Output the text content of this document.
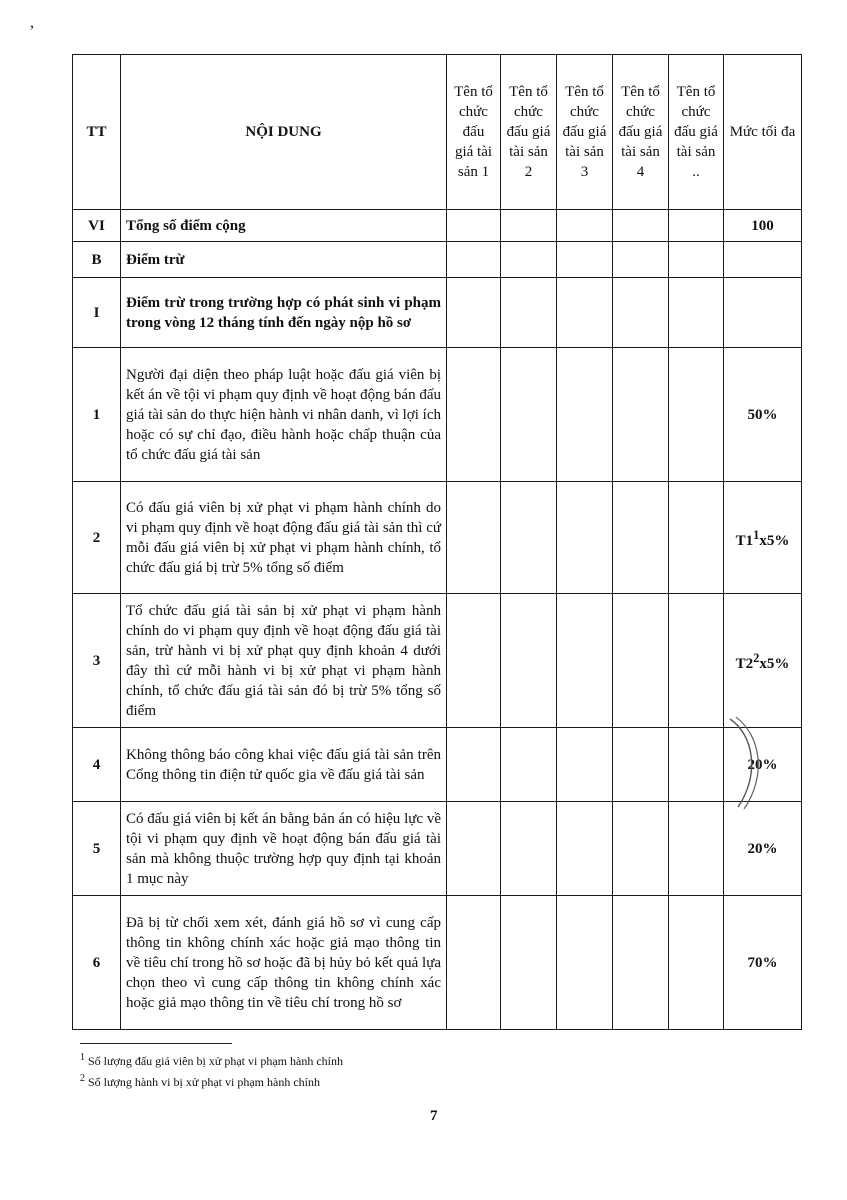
,
TT	NỘI DUNG	Tên tổ chức đấu giá tài sản 1	Tên tổ chức đấu giá tài sản 2	Tên tổ chức đấu giá tài sản 3	Tên tổ chức đấu giá tài sản 4	Tên tổ chức đấu giá tài sản ..	Mức tối đa
VI	Tổng số điểm cộng						100
B	Điểm trừ						
I	Điểm trừ trong trường hợp có phát sinh vi phạm trong vòng 12 tháng tính đến ngày nộp hồ sơ						
1	Người đại diện theo pháp luật hoặc đấu giá viên bị kết án về tội vi phạm quy định về hoạt động bán đấu giá tài sản do thực hiện hành vi nhân danh, vì lợi ích hoặc có sự chỉ đạo, điều hành hoặc chấp thuận của tổ chức đấu giá tài sản						50%
2	Có đấu giá viên bị xử phạt vi phạm hành chính do vi phạm quy định về hoạt động đấu giá tài sản thì cứ mỗi đấu giá viên bị xử phạt vi phạm hành chính, tổ chức đấu giá bị trừ 5% tổng số điểm						$T1^1x5\%$
3	Tổ chức đấu giá tài sản bị xử phạt vi phạm hành chính do vi phạm quy định về hoạt động đấu giá tài sản, trừ hành vi bị xử phạt quy định khoản 4 dưới đây thì cứ mỗi hành vi bị xử phạt vi phạm hành chính, tổ chức đấu giá tài sản đó bị trừ 5% tổng số điểm						$T2^2x5\%$
4	Không thông báo công khai việc đấu giá tài sản trên Cổng thông tin điện tử quốc gia về đấu giá tài sản						20%
5	Có đấu giá viên bị kết án bằng bản án có hiệu lực về tội vi phạm quy định về hoạt động bán đấu giá tài sản mà không thuộc trường hợp quy định tại khoản 1 mục này						20%
6	Đã bị từ chối xem xét, đánh giá hồ sơ vì cung cấp thông tin không chính xác hoặc giả mạo thông tin về tiêu chí trong hồ sơ hoặc đã bị hủy bỏ kết quả lựa chọn theo vì cung cấp thông tin không chính xác hoặc giả mạo thông tin về tiêu chí trong hồ sơ						70%
$^1$ Số lượng đấu giá viên bị xử phạt vi phạm hành chính
$^2$ Số lượng hành vi bị xử phạt vi phạm hành chính
7
